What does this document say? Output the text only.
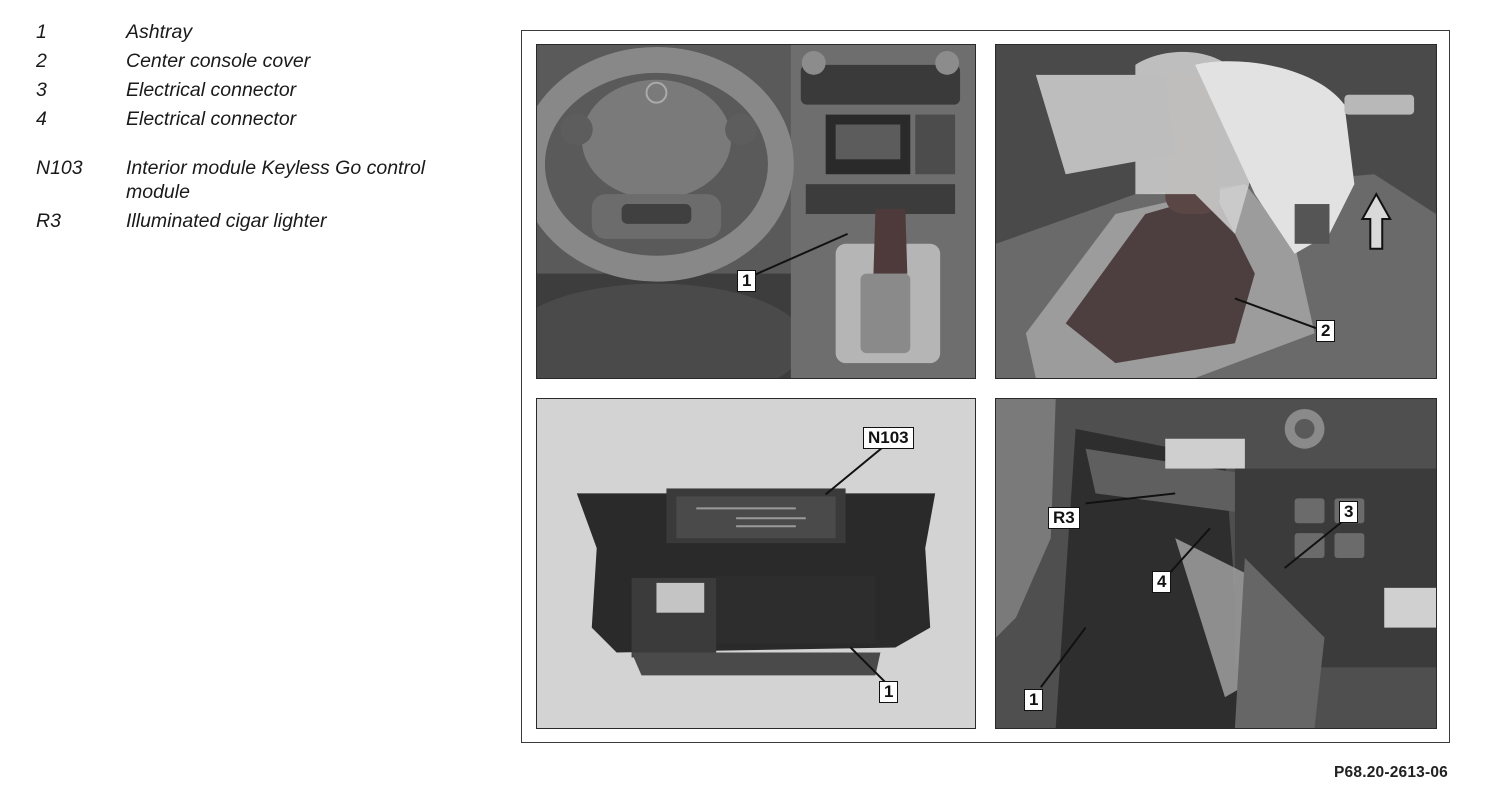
1	Ashtray
2	Center console cover
3	Electrical connector
4	Electrical connector
N103	Interior module Keyless Go control module
R3	Illuminated cigar lighter
1
2
N103
1
R3
4
3
1
P68.20-2613-06
